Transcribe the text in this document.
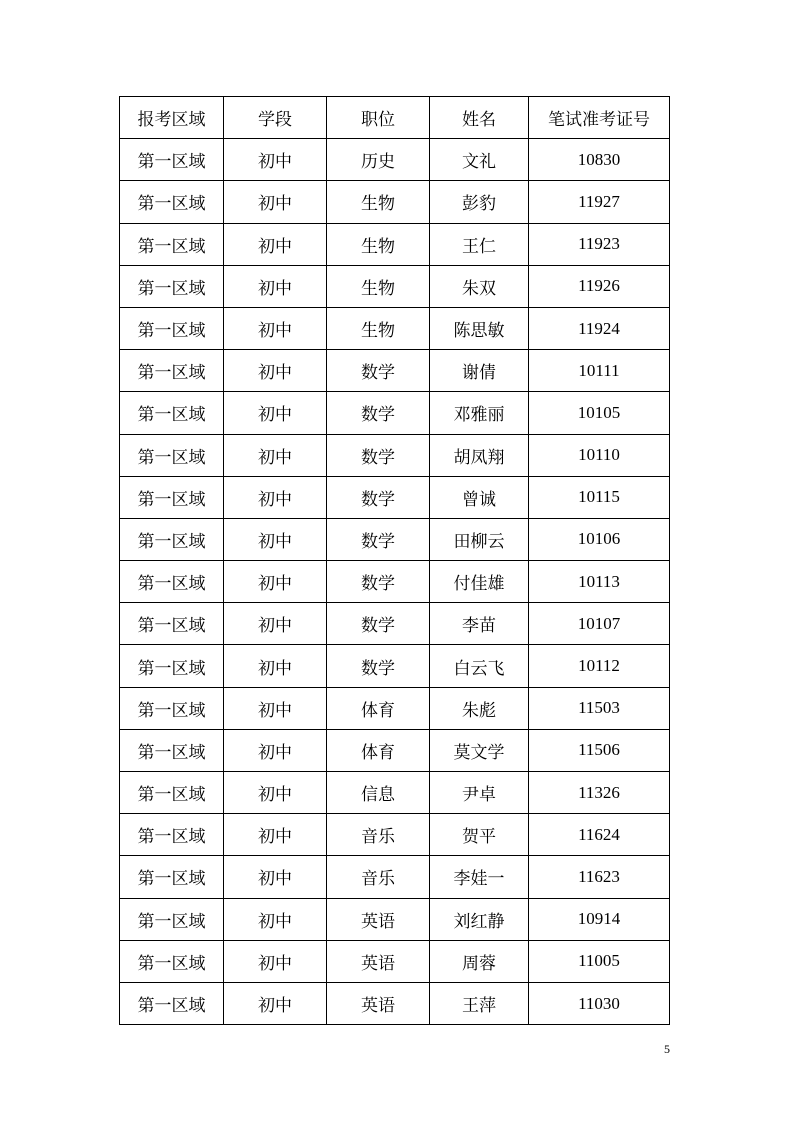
报考区域	学段	职位	姓名	笔试准考证号
第一区域	初中	历史	文礼	10830
第一区域	初中	生物	彭豹	11927
第一区域	初中	生物	王仁	11923
第一区域	初中	生物	朱双	11926
第一区域	初中	生物	陈思敏	11924
第一区域	初中	数学	谢倩	10111
第一区域	初中	数学	邓雅丽	10105
第一区域	初中	数学	胡凤翔	10110
第一区域	初中	数学	曾诚	10115
第一区域	初中	数学	田柳云	10106
第一区域	初中	数学	付佳雄	10113
第一区域	初中	数学	李苗	10107
第一区域	初中	数学	白云飞	10112
第一区域	初中	体育	朱彪	11503
第一区域	初中	体育	莫文学	11506
第一区域	初中	信息	尹卓	11326
第一区域	初中	音乐	贺平	11624
第一区域	初中	音乐	李娃一	11623
第一区域	初中	英语	刘红静	10914
第一区域	初中	英语	周蓉	11005
第一区域	初中	英语	王萍	11030
5
